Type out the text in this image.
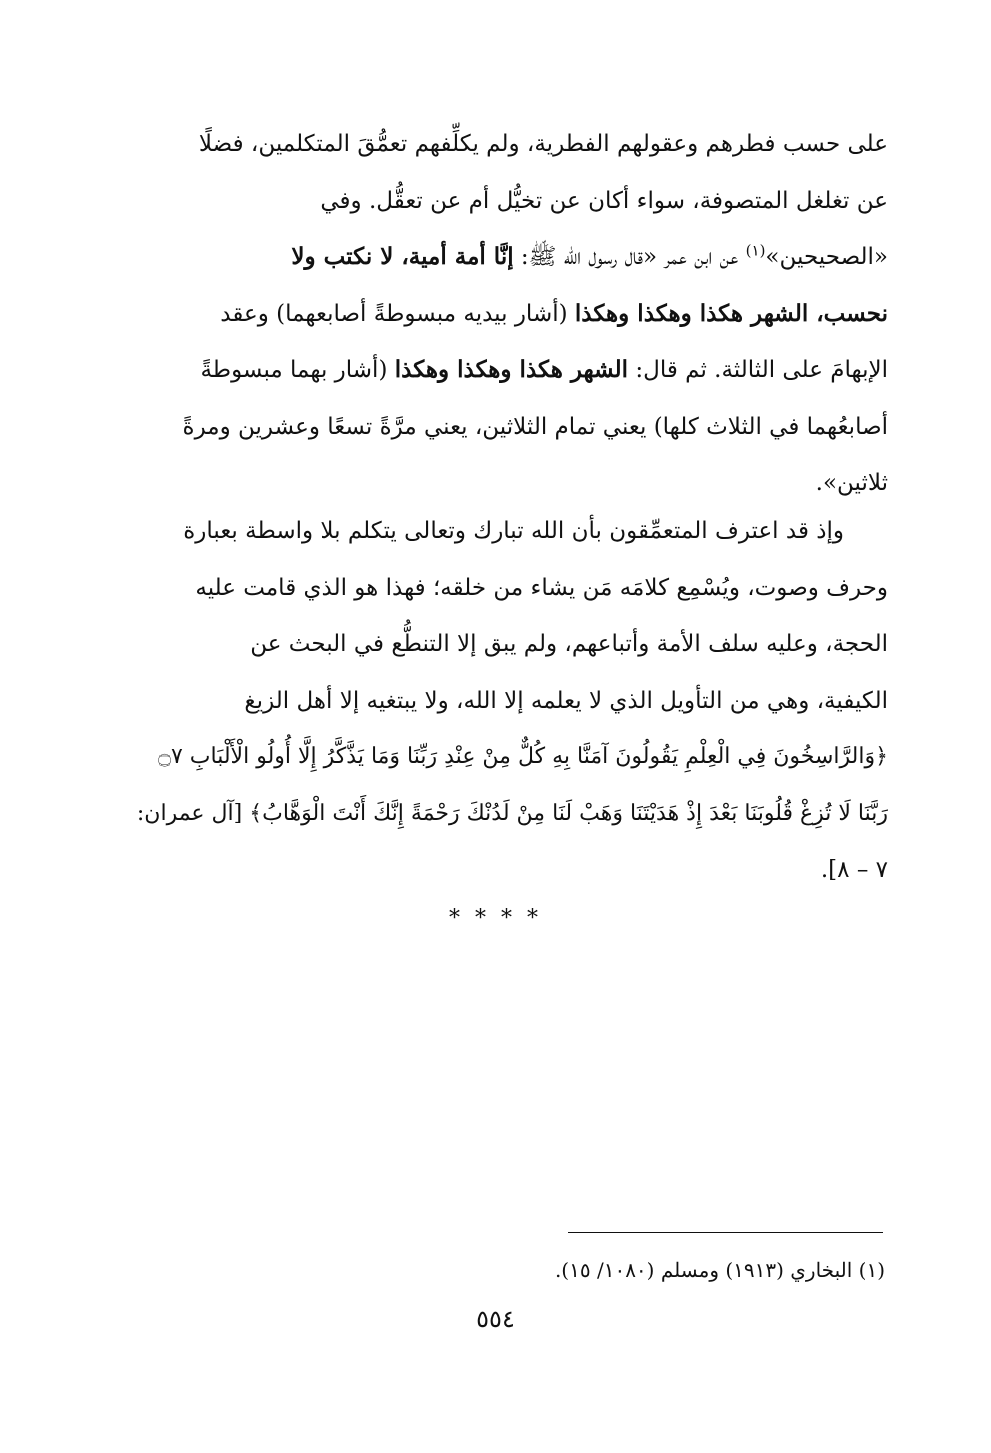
على حسب فطرهم وعقولهم الفطرية، ولم يكلِّفهم تعمُّقَ المتكلمين، فضلًا
عن تغلغل المتصوفة، سواء أكان عن تخيُّل أم عن تعقُّل. وفي
«الصحيحين»$^{(١)}$ عن ابن عمر «قال رسول الله ﷺ: إنَّا أمة أمية، لا نكتب ولا
نحسب، الشهر هكذا وهكذا وهكذا (أشار بيديه مبسوطةً أصابعهما) وعقد
الإبهامَ على الثالثة. ثم قال: الشهر هكذا وهكذا وهكذا (أشار بهما مبسوطةً
أصابعُهما في الثلاث كلها) يعني تمام الثلاثين، يعني مرَّةً تسعًا وعشرين ومرةً
ثلاثين».
وإذ قد اعترف المتعمِّقون بأن الله تبارك وتعالى يتكلم بلا واسطة بعبارة
وحرف وصوت، ويُسْمِع كلامَه مَن يشاء من خلقه؛ فهذا هو الذي قامت عليه
الحجة، وعليه سلف الأمة وأتباعهم، ولم يبق إلا التنطُّع في البحث عن
الكيفية، وهي من التأويل الذي لا يعلمه إلا الله، ولا يبتغيه إلا أهل الزيغ
﴿وَالرَّاسِخُونَ فِي الْعِلْمِ يَقُولُونَ آمَنَّا بِهِ كُلٌّ مِنْ عِنْدِ رَبِّنَا وَمَا يَذَّكَّرُ إِلَّا أُولُو الْأَلْبَابِ ۝٧
رَبَّنَا لَا تُزِغْ قُلُوبَنَا بَعْدَ إِذْ هَدَيْتَنَا وَهَبْ لَنَا مِنْ لَدُنْكَ رَحْمَةً إِنَّكَ أَنْتَ الْوَهَّابُ﴾ [آل عمران:
٧ – ٨].
* * * *
(١) البخاري (١٩١٣) ومسلم (١٠٨٠/ ١٥).
٥٥٤
